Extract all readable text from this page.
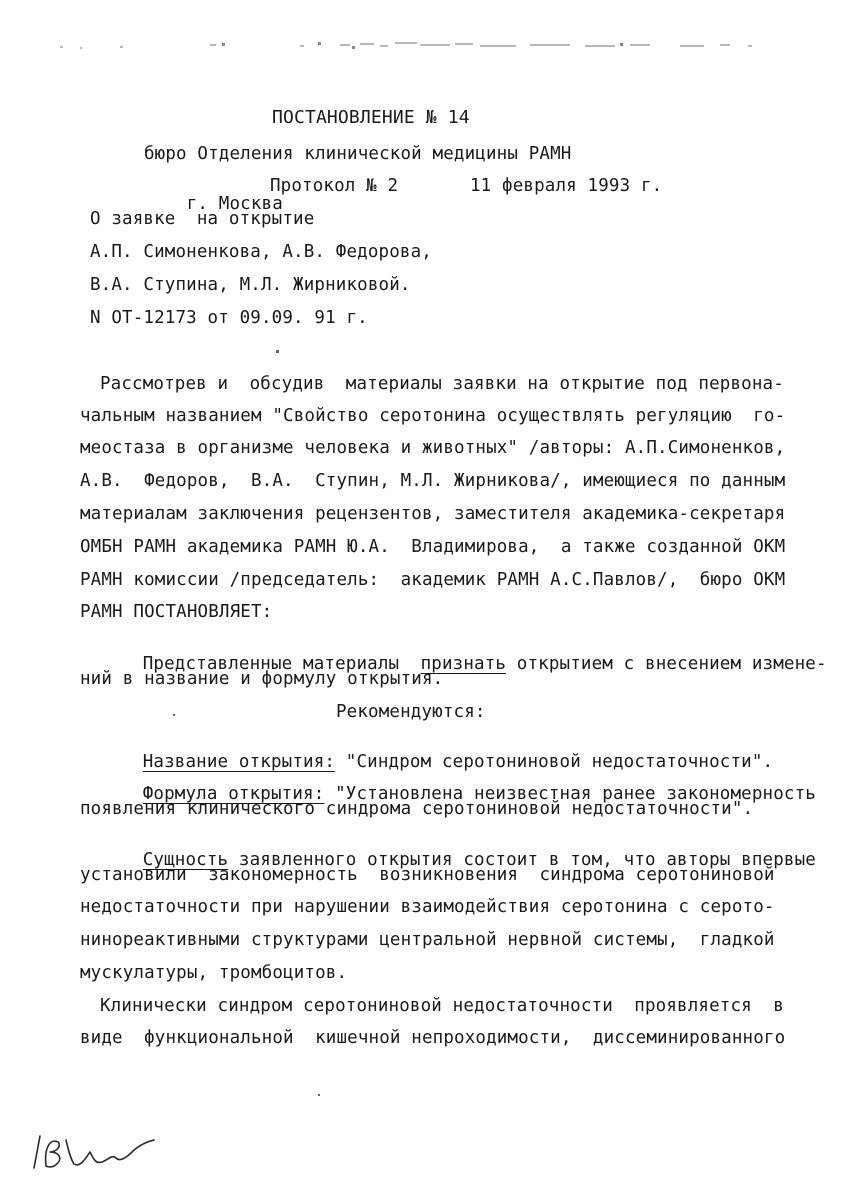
ПОСТАНОВЛЕНИЕ № 14
бюро Отделения клинической медицины РАМН

г. Москва

Протокол № 2	11 февраля 1993 г.
О заявке  на открытие
А.П. Симоненкова, А.В. Федорова,
В.А. Ступина, М.Л. Жирниковой.
N ОТ-12173 от 09.09. 91 г.
Рассмотрев и  обсудив  материалы заявки на открытие под первона-
чальным названием "Свойство серотонина осуществлять регуляцию  го-
меостаза в организме человека и животных" /авторы: А.П.Симоненков,
А.В.  Федоров,  В.А.  Ступин, М.Л. Жирникова/, имеющиеся по данным
материалам заключения рецензентов, заместителя академика-секретаря
ОМБН РАМН академика РАМН Ю.А.  Владимирова,  а также созданной ОКМ
РАМН комиссии /председатель:  академик РАМН А.С.Павлов/,  бюро ОКМ
РАМН ПОСТАНОВЛЯЕТ:

Представленные материалы  признать открытием с внесением измене-

ний в название и формулу открытия.
Рекомендуются:

Название открытия: "Синдром серотониновой недостаточности".

Формула открытия: "Установлена неизвестная ранее закономерность

появления клинического синдрома серотониновой недостаточности".

Сущность заявленного открытия состоит в том, что авторы впервые

установили  закономерность  возникновения  синдрома серотониновой
недостаточности при нарушении взаимодействия серотонина с серото-
нинореактивными структурами центральной нервной системы,  гладкой
мускулатуры, тромбоцитов.
Клинически синдром серотониновой недостаточности  проявляется  в
виде  функциональной  кишечной непроходимости,  диссеминированного
